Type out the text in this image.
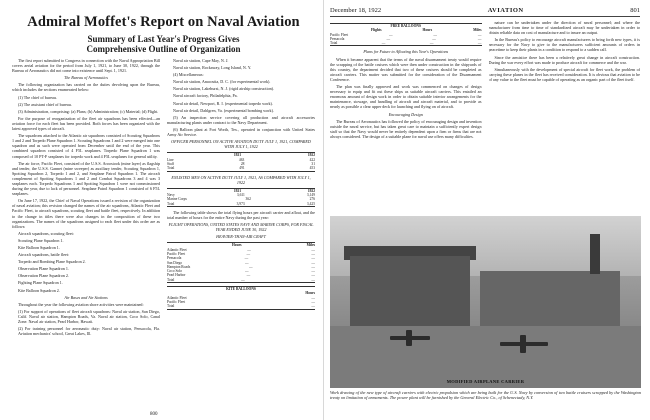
Admiral Moffet's Report on Naval Aviation
Summary of Last Year's Progress Gives
Comprehensive Outline of Organization

The first report submitted to Congress in connection with the Naval Appropriation Bill covers aerial aviation for the period from July 1, 1921, to June 30, 1922, through the Bureau of Aeronautics did not come into existence until Sept. 1, 1921.

The Bureau of Aeronautics

The following organization has carried on the duties devolving upon the Bureau, which includes the sections enumerated below:

(1) The chief of bureau.

(2) The assistant chief of bureau.

(3) Administration, comprising: (a) Plans; (b) Administration; (c) Material; (d) Flight.

For the purpose of reorganization of the fleet air squadrons has been effected—an aviation force for each fleet has been provided. Both forces has been organized with the latest approved types of aircraft.

The squadrons attached to the Atlantic air squadrons consisted of Scouting Squadrons 1 and 2 and Torpedo Plane Squadron 1. Scouting Squadrons 1 and 2 were merged into one squadron and as such were operated from December until the end of the year. This combined squadron consisted of 4 F5L seaplanes. Torpedo Plane Squadron 1 was composed of 10 PT-F seaplanes for torpedo work and 4 F5L seaplanes for general utility.

The air force, Pacific Fleet, consisted of the U.S.S. Aroostook (mine layer) as flagship and tender, the U.S.S. Gannet (mine sweeper) as auxiliary tender, Scouting Squadron 1, Spotting Squadron 2, Torpedo 1 and 2, and Seaplane Patrol Squadron 1. The aircraft complement of Spotting Squadrons 1 and 2 and Combat Squadrons 3 and 4 was 3 seaplanes each. Torpedo Squadrons 1 and Spotting Squadron 1 were not commissioned during the year, due to lack of personnel. Seaplane Patrol Squadron 1 consisted of 6 F5L seaplanes.

On June 17, 1922, the Chief of Naval Operations issued a revision of the organization of naval aviation; this revision changed the names of the air squadrons, Atlantic Fleet and Pacific Fleet, to aircraft squadrons, scouting fleet and battle fleet, respectively. In addition to the change in titles there were also changes in the composition of these two organizations. The names of the squadrons assigned to each fleet under this order are as follows:

Aircraft squadrons, scouting fleet:

Scouting Plane Squadron 1.

Kite Balloon Squadron 1.

Aircraft squadrons, battle fleet:

Torpedo and Bombing Plane Squadron 2.

Observation Plane Squadron 1.

Observation Plane Squadron 2.

Fighting Plane Squadron 1.

Kite Balloon Squadron 2.

Air Bases and Air Stations

Throughout the year the following aviation shore activities were maintained:

(1) For support of operations of fleet aircraft squadrons: Naval air station, San Diego, Calif. Naval air station, Hampton Roads, Va. Naval air station, Coco Solo, Canal Zone. Naval air station, Pearl Harbor, Hawaii.

(2) For training personnel for aeronautic duty: Naval air station, Pensacola, Fla. Aviation mechanics' school, Great Lakes, Ill.

Naval air station, Cape May, N. J.

Naval air station, Rockaway, Long Island, N. Y.

(4) Miscellaneous:

Naval air station, Anacostia, D. C. (for experimental work).

Naval air station, Lakehurst, N. J. (rigid airship construction).

Naval aircraft factory, Philadelphia, Pa.

Naval air detail, Newport, R. I. (experimental torpedo work).

Naval air detail, Dahlgren, Va. (experimental bombing work).

(5) An inspection service covering all production and aircraft accessories manufacturing plants under contract to the Navy Department.

(6) Balloon plant at Fort Worth, Tex., operated in conjunction with United States Army Air Service.

OFFICER PERSONNEL ON ACTIVE AVIATION DUTY JULY 1, 1921, COMPARED WITH JULY 1, 1922

1921	1922
Line	463	422
Staff	28	31
Total	491	453

ENLISTED MEN ON ACTIVE DUTY JULY 1, 1921, AS COMPARED WITH JULY 1, 1922

1921	1922
Navy	3,611	3,149
Marine Corps	362	276
Total	3,973	3,425

The following table shows the total flying hours per aircraft carrier and afloat, and the total number of hours for the entire Navy during the past year:

FLIGHT OPERATIONS, UNITED STATES NAVY AND MARINE CORPS, FOR FISCAL YEAR ENDED JUNE 30, 1922

HEAVIER-THAN-AIR CRAFT

Hours	Miles
Atlantic Fleet	—	—
Pacific Fleet	—	—
Pensacola	—	—
San Diego	—	—
Hampton Roads	—	—
Coco Solo	—	—
Pearl Harbor	—	—
Total	—	—
KITE BALLOONS
Hours
Atlantic Fleet	—
Pacific Fleet	—
Total	—
800
December 18, 1922	AVIATION	801
FREE BALLOONS
Flights	Hours	Miles
Pacific Fleet	—	—	—
Pensacola	—	—	—
Total	—	—	—

Plans for Future to Afloating this Year's Operations

When it became apparent that the terms of the naval disarmament treaty would require the scrapping of the battle cruisers which were then under construction in the shipyards of this country, the department decided that two of these cruisers should be completed as aircraft carriers. This matter was submitted for the consideration of the Disarmament Conference.

The plan was finally approved and work was commenced on changes of design necessary to equip and fit out these ships as suitable aircraft carriers. This entailed an enormous amount of design work in order to obtain suitable interior arrangements for the maintenance, stowage, and handling of aircraft and aircraft material, and to provide as nearly as possible a clear upper deck for launching and flying on of aircraft.

Encouraging Design

The Bureau of Aeronautics has followed the policy of encouraging design and invention outside the naval service, but has taken great care to maintain a sufficiently expert design staff so that the Navy would never be entirely dependent upon a firm or firms that are not always considered. The design of a suitable plane for naval use offers many difficulties.

nature can be undertaken under the direction of naval personnel; and where the manufacturer from time to time of standardized aircraft may be undertaken in order to obtain reliable data on cost of manufacture and to insure an output.

In the Bureau's policy to encourage aircraft manufacturers to bring forth new types, it is necessary for the Navy to give to the manufacturers sufficient amounts of orders in peacetime to keep their plants in a condition to respond to a sudden call.

Since the armistice there has been a relatively great change in aircraft construction. During the war every effort was made to produce aircraft for commerce and the war.

Simultaneously with the development of special aircraft for fleet work, the problem of carrying these planes in the fleet has received consideration. It is obvious that aviation to be of any value to the fleet must be capable of operating as an organic part of the fleet itself.

MODIFIED AIRPLANE CARRIER
Work drawing of the new type of aircraft carriers with electric propulsion which are being built for the U.S. Navy by conversion of two battle cruisers scrapped by the Washington treaty on limitation of armaments. The power plant will be furnished by the General Electric Co., of Schenectady, N.Y.
